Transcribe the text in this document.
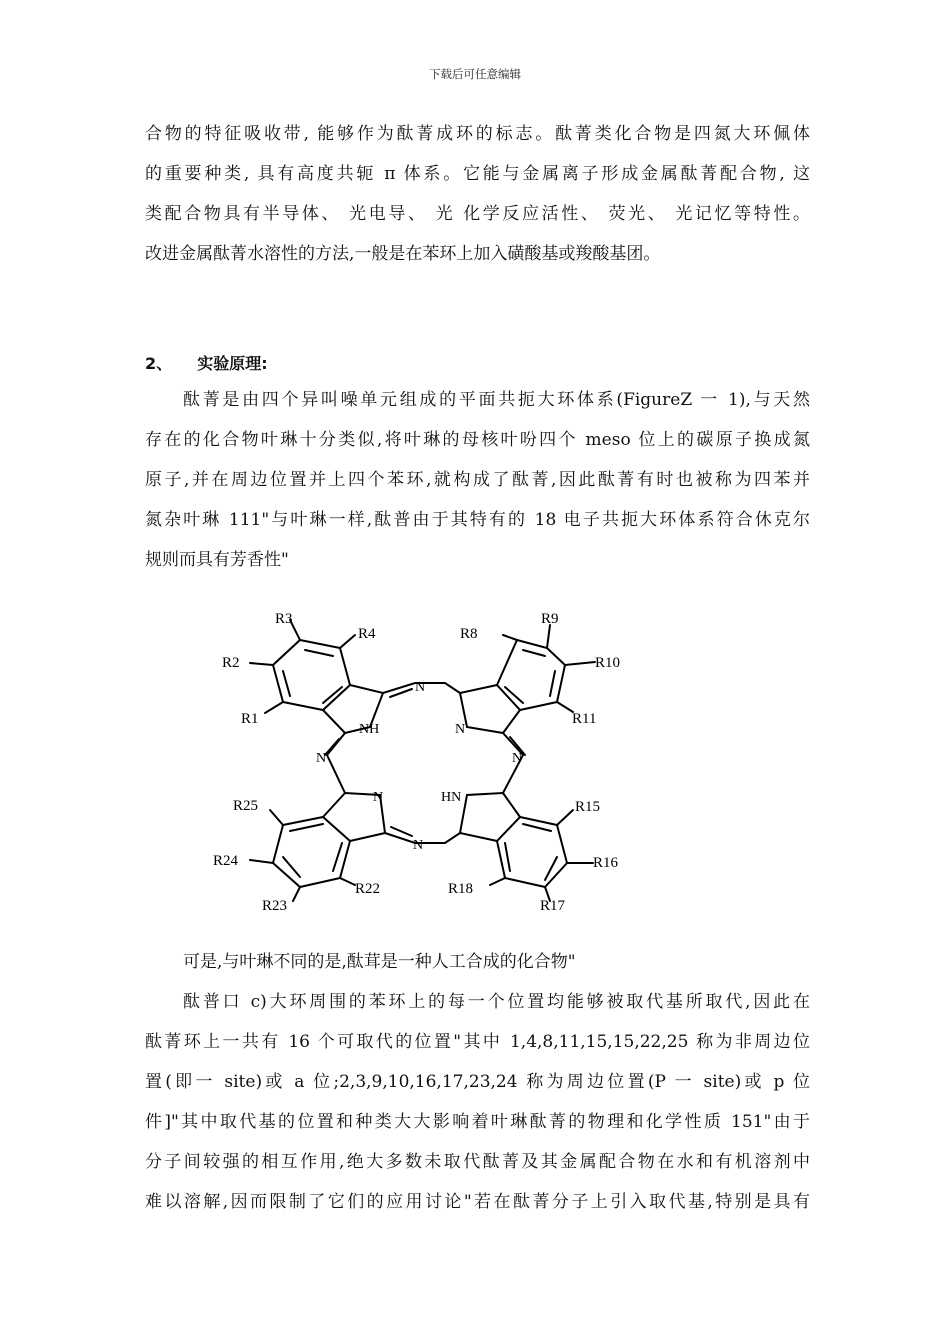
下载后可任意编辑
合物的特征吸收带, 能够作为酞菁成环的标志。酞菁类化合物是四氮大环佩体
的重要种类, 具有高度共轭 π 体系。它能与金属离子形成金属酞菁配合物, 这
类配合物具有半导体、 光电导、 光 化学反应活性、 荧光、 光记忆等特性。
改进金属酞菁水溶性的方法,一般是在苯环上加入磺酸基或羧酸基团。
2、 实验原理:
酞菁是由四个异叫噪单元组成的平面共扼大环体系(FigureZ 一 1),与天然
存在的化合物叶琳十分类似,将叶琳的母核叶吩四个 meso 位上的碳原子换成氮
原子,并在周边位置并上四个苯环,就构成了酞菁,因此酞菁有时也被称为四苯并
氮杂叶琳 111"与叶琳一样,酞普由于其特有的 18 电子共扼大环体系符合休克尔
规则而具有芳香性"
N
N	N
N
NH	N
N	HN
R3
R4
R2
R1
R8
R9
R10
R11
R25
R24
R23
R22
R15
R16
R17
R18
可是,与叶琳不同的是,酞茸是一种人工合成的化合物"
酞普口 c)大环周围的苯环上的每一个位置均能够被取代基所取代,因此在
酞菁环上一共有 16 个可取代的位置"其中 1,4,8,11,15,15,22,25 称为非周边位
置(即一 site)或 a 位;2,3,9,10,16,17,23,24 称为周边位置(P 一 site)或 p 位
件]"其中取代基的位置和种类大大影响着叶琳酞菁的物理和化学性质 151"由于
分子间较强的相互作用,绝大多数未取代酞菁及其金属配合物在水和有机溶剂中
难以溶解,因而限制了它们的应用讨论"若在酞菁分子上引入取代基,特别是具有
